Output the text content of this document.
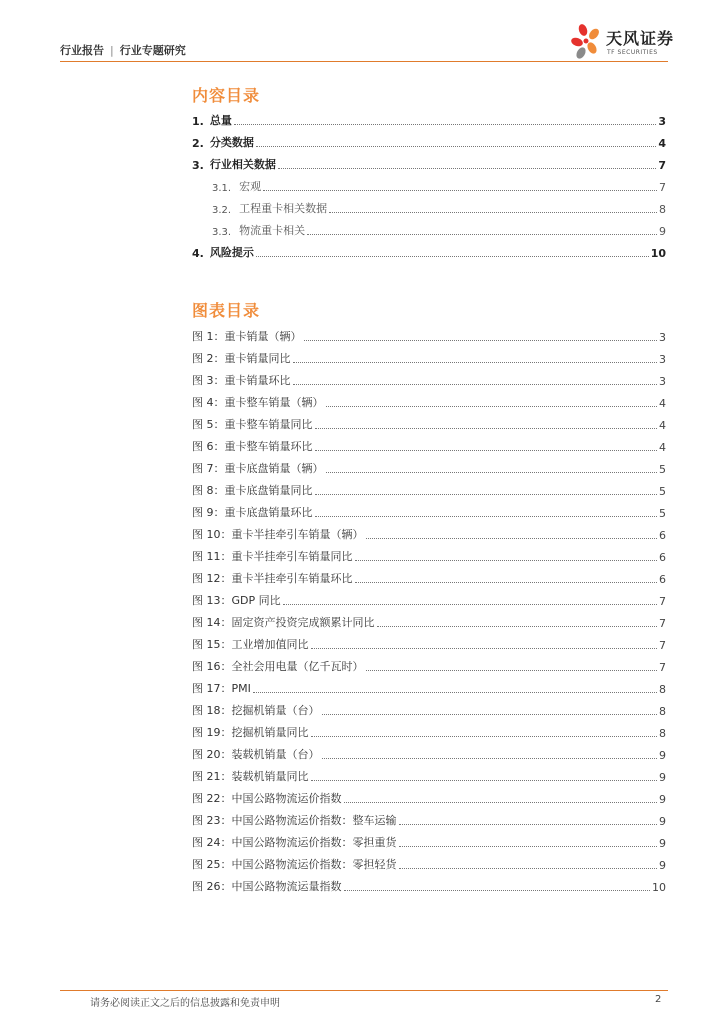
行业报告 | 行业专题研究
天风证券
TF SECURITIES
内容目录
1. 总量	3
2. 分类数据	4
3. 行业相关数据	7
3.1. 宏观	7
3.2. 工程重卡相关数据	8
3.3. 物流重卡相关	9
4. 风险提示	10
图表目录
图 1：重卡销量（辆）	3
图 2：重卡销量同比	3
图 3：重卡销量环比	3
图 4：重卡整车销量（辆）	4
图 5：重卡整车销量同比	4
图 6：重卡整车销量环比	4
图 7：重卡底盘销量（辆）	5
图 8：重卡底盘销量同比	5
图 9：重卡底盘销量环比	5
图 10：重卡半挂牵引车销量（辆）	6
图 11：重卡半挂牵引车销量同比	6
图 12：重卡半挂牵引车销量环比	6
图 13：GDP 同比	7
图 14：固定资产投资完成额累计同比	7
图 15：工业增加值同比	7
图 16：全社会用电量（亿千瓦时）	7
图 17：PMI	8
图 18：挖掘机销量（台）	8
图 19：挖掘机销量同比	8
图 20：装载机销量（台）	9
图 21：装载机销量同比	9
图 22：中国公路物流运价指数	9
图 23：中国公路物流运价指数：整车运输	9
图 24：中国公路物流运价指数：零担重货	9
图 25：中国公路物流运价指数：零担轻货	9
图 26：中国公路物流运量指数	10
请务必阅读正文之后的信息披露和免责申明	2
